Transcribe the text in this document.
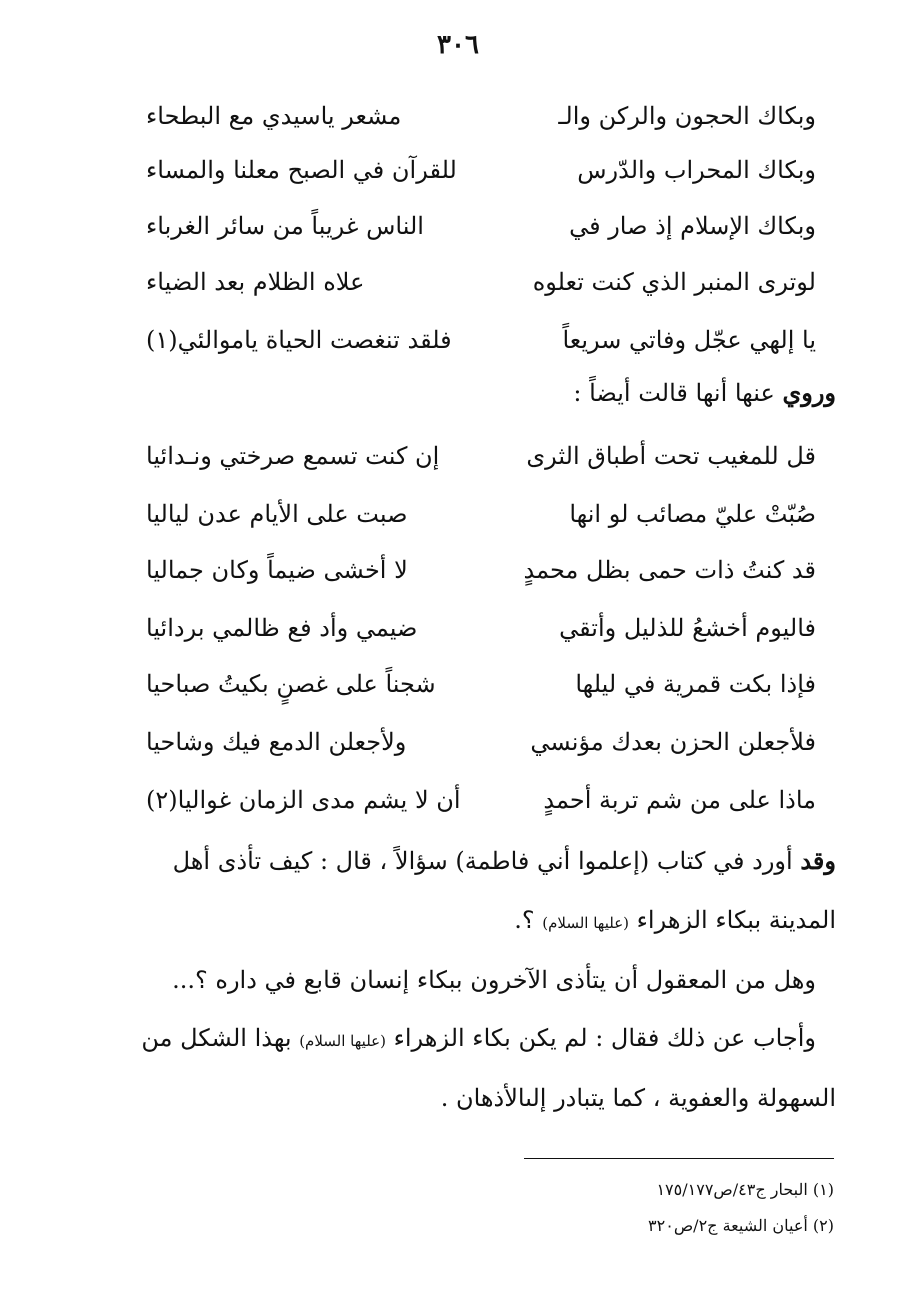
٣٠٦
وبكاك الحجون والركن والـ
مشعر ياسيدي مع البطحاء
وبكاك المحراب والدّرس
للقرآن في الصبح معلنا والمساء
وبكاك الإسلام إذ صار في
الناس غريباً من سائر الغرباء
لوترى المنبر الذي كنت تعلوه
علاه الظلام بعد الضياء
يا إلهي عجّل وفاتي سريعاً
فلقد تنغصت الحياة ياموالئي(١)
وروي عنها أنها قالت أيضاً :
قل للمغيب تحت أطباق الثرى
إن كنت تسمع صرختي ونـدائيا
صُبّتْ عليّ مصائب لو انها
صبت على الأيام عدن لياليا
قد كنتُ ذات حمى بظل محمدٍ
لا أخشى ضيماً وكان جماليا
فاليوم أخشعُ للذليل وأتقي
ضيمي وأد فع ظالمي بردائيا
فإذا بكت قمرية في ليلها
شجناً على غصنٍ بكيتُ صباحيا
فلأجعلن الحزن بعدك مؤنسي
ولأجعلن الدمع فيك وشاحيا
ماذا على من شم تربة أحمدٍ
أن لا يشم مدى الزمان غواليا(٢)
وقد أورد في كتاب (إعلموا أني فاطمة) سؤالاً ، قال : كيف تأذى أهل
المدينة ببكاء الزهراء (عليها السلام) ؟.
وهل من المعقول أن يتأذى الآخرون ببكاء إنسان قابع في داره ؟...
وأجاب عن ذلك فقال : لم يكن بكاء الزهراء (عليها السلام) بهذا الشكل من
السهولة والعفوية ، كما يتبادر إلىالأذهان .
(١) البحار ج٤٣/ص١٧٥/١٧٧
(٢) أعيان الشيعة ج٢/ص٣٢٠
